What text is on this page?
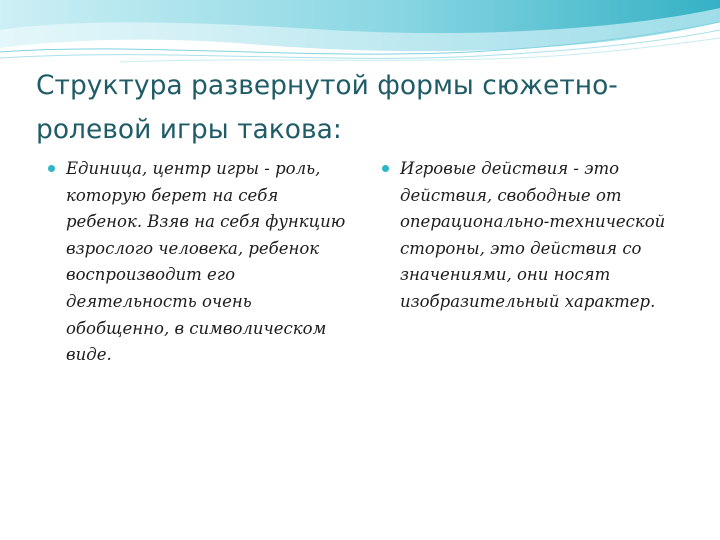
Структура развернутой формы сюжетно-
ролевой игры такова:
Единица, центр игры - роль,
которую берет на себя
ребенок. Взяв на себя функцию
взрослого человека, ребенок
воспроизводит его
деятельность очень
обобщенно, в символическом
виде.
Игровые действия - это
действия, свободные от
операционально-технической
стороны, это действия со
значениями, они носят
изобразительный характер.
